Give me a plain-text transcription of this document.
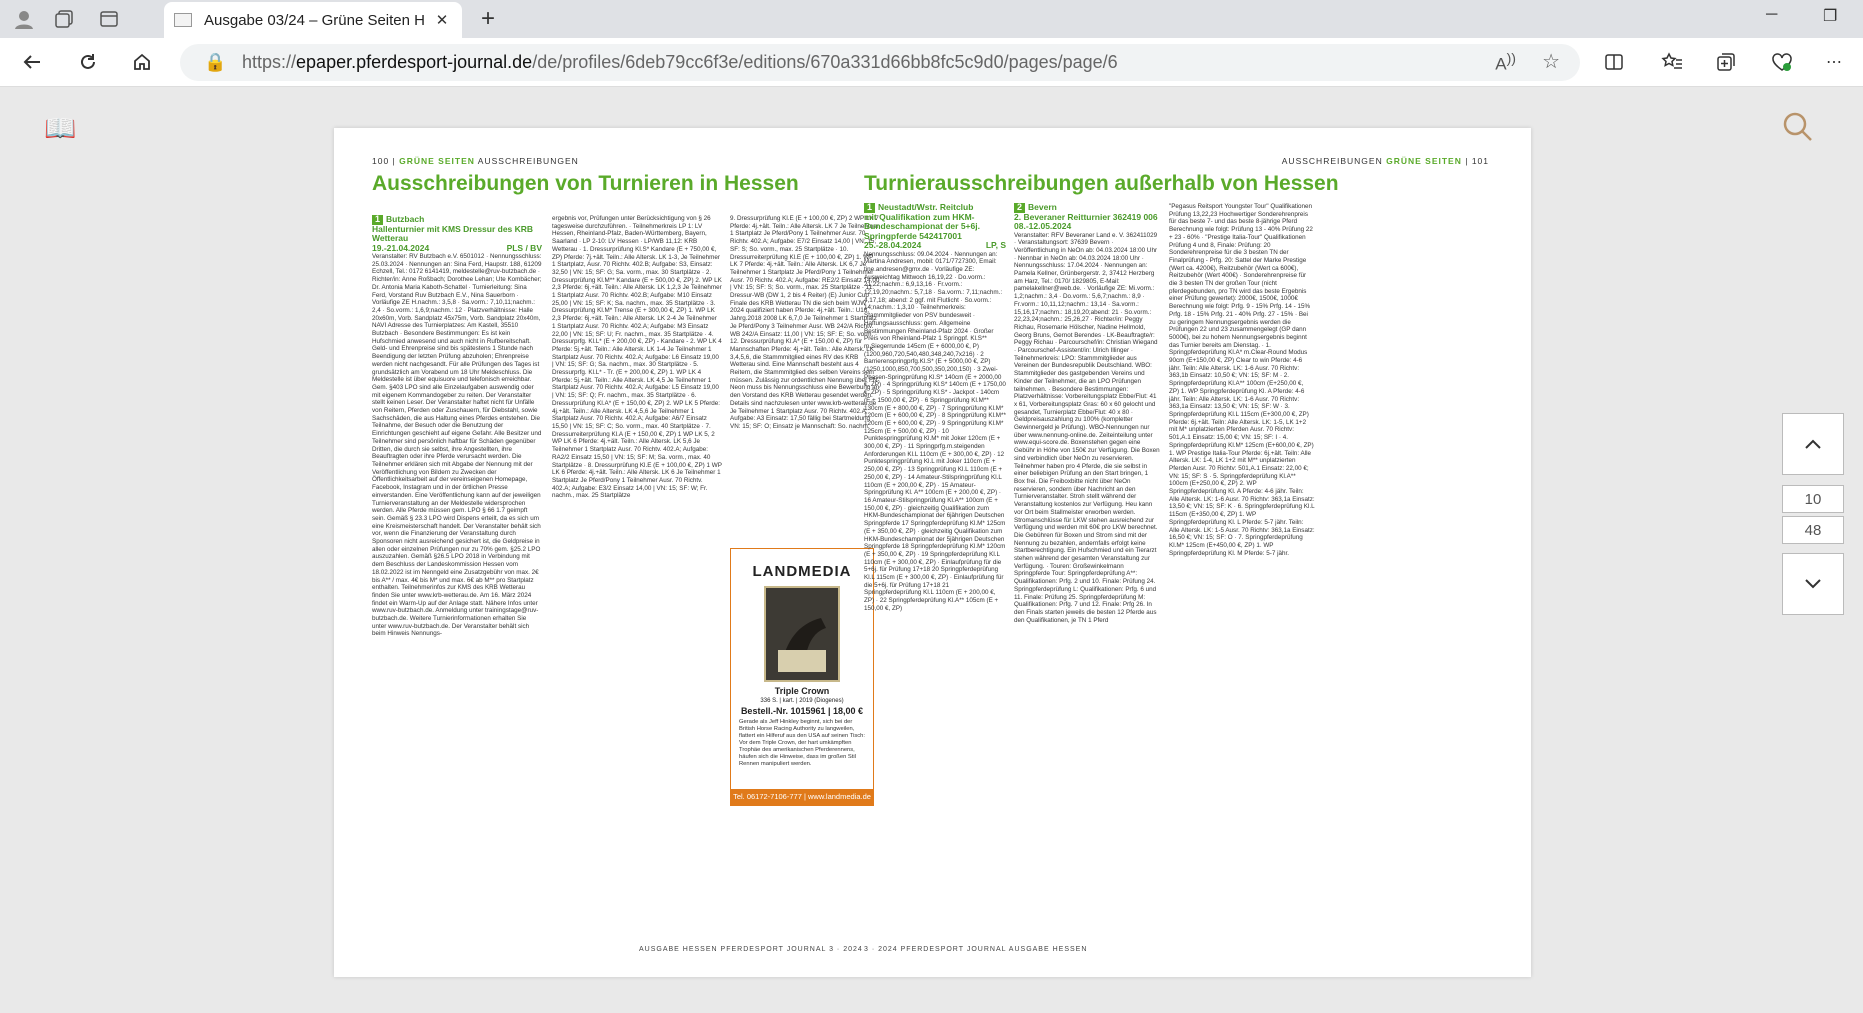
Ausgabe 03/24 – Grüne Seiten H ✕ +	─	❐
🔒 https:// epaper.pferdesport-journal.de /de/profiles/6deb79cc6f3e/editions/670a331d66bb8fc5c9d0/pages/page/6	A)) ☆	⋯
📖
100 | GRÜNE SEITEN AUSSCHREIBUNGEN
Ausschreibungen von Turnieren in Hessen
1 Butzbach
Hallenturnier mit KMS Dressur des KRB Wetterau
19.-21.04.2024	PLS / BV

Veranstalter: RV Butzbach e.V. 6501012 · Nennungsschluss: 25.03.2024 · Nennungen an: Sina Ferd, Haupstr. 188, 61209 Echzell, Tel.: 0172 6141419, meldestelle@ruv-butzbach.de · Richter/in: Anne Roßbach; Dorothee Lehan; Ute Kombächer; Dr. Antonia Maria Kaboth-Schattel · Turnierleitung: Sina Ferd, Vorstand Ruv Butzbach E.V., Nina Sauerborn · Vorläufige ZE H.nachm.: 3,5,8 · Sa.vorm.: 7,10,11;nachm.: 2,4 · So.vorm.: 1,6,9;nachm.: 12 · Platzverhältnisse: Halle 20x60m, Vorb. Sandplatz 45x75m, Vorb. Sandplatz 20x40m, NAVI Adresse des Turnierplatzes: Am Kastell, 35510 Butzbach · Besondere Bestimmungen: Es ist kein Hufschmied anwesend und auch nicht in Rufbereitschaft. Geld- und Ehrenpreise sind bis spätestens 1 Stunde nach Beendigung der letzten Prüfung abzuholen; Ehrenpreise werden nicht nachgesandt. Für alle Prüfungen des Tages ist grundsätzlich am Vorabend um 18 Uhr Meldeschluss. Die Meldestelle ist über equisuore und telefonisch erreichbar. Gem. §403 LPO sind alle Einzelaufgaben auswendig oder mit eigenem Kommandogeber zu reiten. Der Veranstalter stellt keinen Leser. Der Veranstalter haftet nicht für Unfälle von Reitern, Pferden oder Zuschauern, für Diebstahl, sowie Sachschäden, die aus Haltung eines Pferdes entstehen. Die Teilnahme, der Besuch oder die Benutzung der Einrichtungen geschieht auf eigene Gefahr. Alle Besitzer und Teilnehmer sind persönlich haftbar für Schäden gegenüber Dritten, die durch sie selbst, ihre Angestellten, ihre Beauftragten oder ihre Pferde verursacht werden. Die Teilnehmer erklären sich mit Abgabe der Nennung mit der Veröffentlichung von Bildern zu Zwecken der Öffentlichkeitsarbeit auf der vereinseigenen Homepage, Facebook, Instagram und in der örtlichen Presse einverstanden. Eine Veröffentlichung kann auf der jeweiligen Turnierveranstaltung an der Meldestelle widersprochen werden. Alle Pferde müssen gem. LPO § 66 1.7 geimpft sein. Gemäß § 23.3 LPO wird Dispens erteilt, da es sich um eine Kreismeisterschaft handelt. Der Veranstalter behält sich vor, wenn die Finanzierung der Veranstaltung durch Sponsoren nicht ausreichend gesichert ist, die Geldpreise in allen oder einzelnen Prüfungen nur zu 70% gem. §25.2 LPO auszuzahlen. Gemäß §26.5 LPO 2018 in Verbindung mit dem Beschluss der Landeskommission Hessen vom 18.02.2022 ist im Nenngeld eine Zusatzgebühr von max. 2€ bis A** / max. 4€ bis M* und max. 6€ ab M** pro Startplatz enthalten. Teilnehmerinfos zur KMS des KRB Wetterau finden Sie unter www.krb-wetterau.de. Am 16. März 2024 findet ein Warm-Up auf der Anlage statt. Nähere Infos unter www.ruv-butzbach.de. Anmeldung unter trainingstage@ruv-butzbach.de. Weitere Turnierinformationen erhalten Sie unter www.ruv-butzbach.de. Der Veranstalter behält sich beim Hinweis Nennungs-

ergebnis vor, Prüfungen unter Berücksichtigung von § 26 tagesweise durchzuführen. · Teilnehmerkreis LP 1: LV Hessen, Rheinland-Pfalz, Baden-Württemberg, Bayern, Saarland · LP 2-10: LV Hessen · LP/WB 11,12: KRB Wetterau · 1. Dressurprüfung Kl.S* Kandare (E + 750,00 €, ZP) Pferde: 7j.+ält. Teiln.: Alle Altersk. LK 1-3, Je Teilnehmer 1 Startplatz, Ausr. 70 Richtv. 402.B; Aufgabe: S3, Einsatz: 32,50 | VN: 15; SF: G; Sa. vorm., max. 30 Startplätze · 2. Dressurprüfung Kl.M** Kandare (E + 500,00 €, ZP) 2. WP LK 2,3 Pferde: 6j.+ält. Teiln.: Alle Altersk. LK 1,2,3 Je Teilnehmer 1 Startplatz Ausr. 70 Richtv. 402.B; Aufgabe: M10 Einsatz 25,00 | VN: 15; SF: K; Sa. nachm., max. 35 Startplätze · 3. Dressurprüfung Kl.M* Trense (E + 300,00 €, ZP) 1. WP LK 2,3 Pferde: 6j.+ält. Teiln.: Alle Altersk. LK 2-4 Je Teilnehmer 1 Startplatz Ausr. 70 Richtv. 402.A; Aufgabe: M3 Einsatz 22,00 | VN: 15; SF: U; Fr. nachm., max. 35 Startplätze · 4. Dressurprfg. Kl.L* (E + 200,00 €, ZP) - Kandare - 2. WP LK 4 Pferde: 5j.+ält. Teiln.: Alle Altersk. LK 1-4 Je Teilnehmer 1 Startplatz Ausr. 70 Richtv. 402.A; Aufgabe: L6 Einsatz 19,00 | VN: 15; SF: G; Sa. nachm., max. 30 Startplätze · 5. Dressurprfg. Kl.L* - Tr. (E + 200,00 €, ZP) 1. WP LK 4 Pferde: 5j.+ält. Teiln.: Alle Altersk. LK 4,5 Je Teilnehmer 1 Startplatz Ausr. 70 Richtv. 402.A; Aufgabe: L5 Einsatz 19,00 | VN: 15; SF: Q; Fr. nachm., max. 35 Startplätze · 6. Dressurprüfung Kl.A* (E + 150,00 €, ZP) 2. WP LK 5 Pferde: 4j.+ält. Teiln.: Alle Altersk. LK 4,5,6 Je Teilnehmer 1 Startplatz Ausr. 70 Richtv. 402.A; Aufgabe: A6/7 Einsatz 15,50 | VN: 15; SF: C; So. vorm., max. 40 Startplätze · 7. Dressurreiterprüfung Kl.A (E + 150,00 €, ZP) 1 WP LK 5, 2 WP LK 6 Pferde: 4j.+ält. Teiln.: Alle Altersk. LK 5,6 Je Teilnehmer 1 Startplatz Ausr. 70 Richtv. 402.A; Aufgabe: RA2/2 Einsatz 15,50 | VN: 15; SF: M; Sa. vorm., max. 40 Startplätze · 8. Dressurprüfung Kl.E (E + 100,00 €, ZP) 1 WP LK 6 Pferde: 4j.+ält. Teiln.: Alle Altersk. LK 6 Je Teilnehmer 1 Startplatz Je Pferd/Pony 1 Teilnehmer Ausr. 70 Richtv. 402.A; Aufgabe: E3/2 Einsatz 14,00 | VN: 15; SF: W; Fr. nachm., max. 25 Startplätze
9. Dressurprüfung Kl.E (E + 100,00 €, ZP) 2 WP LK 7 Pferde: 4j.+ält. Teiln.: Alle Altersk. LK 7 Je Teilnehmer 1 Startplatz Je Pferd/Pony 1 Teilnehmer Ausr. 70 Richtv. 402.A; Aufgabe: E7/2 Einsatz 14,00 | VN: 15; SF: S; So. vorm., max. 25 Startplätze · 10. Dressurreiterprüfung Kl.E (E + 100,00 €, ZP) 1. WP LK 7 Pferde: 4j.+ält. Teiln.: Alle Altersk. LK 6,7 Je Teilnehmer 1 Startplatz Je Pferd/Pony 1 Teilnehmer Ausr. 70 Richtv. 402.A; Aufgabe: RE2/2 Einsatz 14,00 | VN: 15; SF: S; So. vorm., max. 25 Startplätze · 11. Dressur-WB (DW 1, 2 bis 4 Reiter) (E) Junior Cup Finale des KRB Wetterau TN die sich beim WJW 2024 qualifiziert haben Pferde: 4j.+ält. Teiln.: U16, Jahrg.2018 2008 LK 6,7,0 Je Teilnehmer 1 Startplatz Je Pferd/Pony 3 Teilnehmer Ausr. WB 242/A Richtv. WB 242/A Einsatz: 11,00 | VN: 15; SF: E; So. vorm. · 12. Dressurprüfung Kl.A* (E + 150,00 €, ZP) für Mannschaften Pferde: 4j.+ält. Teiln.: Alle Altersk. LK 3,4,5,6, die Stammmitglied eines RV des KRB Wetterau sind. Eine Mannschaft besteht aus 4 Reitern, die Stammmitglied des selben Vereins sein müssen. Zulässig zur ordentlichen Nennung über FN-Neon muss bis Nennungsschluss eine Bewerbung an den Vorstand des KRB Wetterau gesendet werden. Details sind nachzulesen unter www.krb-wetterau.de Je Teilnehmer 1 Startplatz Ausr. 70 Richtv. 402.A; Aufgabe: A3 Einsatz: 17,50 fällig bei Startmeldung VN: 15; SF: O; Einsatz je Mannschaft: So. nachm.
LANDMEDIA
Triple Crown
336 S. | kart. | 2019 (Diogenes)
Bestell.-Nr. 1015961 | 18,00 €
Gerade als Jeff Hinkley beginnt, sich bei der British Horse Racing Authority zu langweilen, flattert ein Hilferuf aus den USA auf seinen Tisch: Vor dem Triple Crown, der hart umkämpften Trophäe des amerikanischen Pferderennens, häufen sich die Hinweise, dass im großen Stil Rennen manipuliert werden.
Tel. 06172-7106-777 | www.landmedia.de
AUSGABE HESSEN PFERDESPORT JOURNAL 3 · 2024
AUSSCHREIBUNGEN GRÜNE SEITEN | 101
Turnierausschreibungen außerhalb von Hessen
1 Neustadt/Wstr. Reitclub
mit Qualifikation zum HKM-Bundeschampionat der 5+6j. Springpferde 542417001
25.-28.04.2024	LP, S

Nennungsschluss: 09.04.2024 · Nennungen an: Martina Andresen, mobil: 0171/7727300, Email: tine.andresen@gmx.de · Vorläufige ZE: Ausweichtag Mittwoch 16,19,22 · Do.vorm.: 21,22;nachm.: 6,9,13,16 · Fr.vorm.: 12,19,20;nachm.: 5,7,18 · Sa.vorm.: 7,11;nachm.: 4,17,18; abend: 2 ggf. mit Flutlicht · So.vorm.: 14;nachm.: 1,3,10 · Teilnehmerkreis: Stammmitglieder von PSV bundesweit · Haftungsausschluss: gem. Allgemeine Bestimmungen Rheinland-Pfalz 2024 · Großer Preis von Rheinland-Pfalz 1 Springpf. Kl.S** m.Siegerrunde 145cm (E + 6000,00 €, P) (1200,960,720,540,480,348,240,7x216) · 2 Barrierenspringprfg.Kl.S* (E + 5000,00 €, ZP) (1250,1000,850,700,500,350,200,150) · 3 Zwei-Phasen-Springprüfung Kl.S* 140cm (E + 2000,00 €, ZP) · 4 Springprüfung Kl.S* 140cm (E + 1750,00 €, ZP) · 5 Springprüfung Kl.S* - Jackpot - 140cm (E + 1500,00 €, ZP) · 6 Springprüfung Kl.M** 130cm (E + 800,00 €, ZP) · 7 Springprüfung Kl.M* 120cm (E + 600,00 €, ZP) · 8 Springprüfung Kl.M** 120cm (E + 600,00 €, ZP) · 9 Springprüfung Kl.M* 125cm (E + 500,00 €, ZP) · 10 Punktespringprüfung Kl.M* mit Joker 120cm (E + 300,00 €, ZP) · 11 Springprfg.m.steigenden Anforderungen Kl.L 110cm (E + 300,00 €, ZP) · 12 Punktespringprüfung Kl.L mit Joker 110cm (E + 250,00 €, ZP) · 13 Springprüfung Kl.L 110cm (E + 250,00 €, ZP) · 14 Amateur-Stilspringprüfung Kl.L 110cm (E + 200,00 €, ZP) · 15 Amateur-Springprüfung Kl. A** 100cm (E + 200,00 €, ZP) · 16 Amateur-Stilspringprüfung Kl.A** 100cm (E + 150,00 €, ZP) · gleichzeitig Qualifikation zum HKM-Bundeschampionat der 6jährigen Deutschen Springpferde 17 Springpferdeprüfung Kl.M* 125cm (E + 350,00 €, ZP) · gleichzeitig Qualifikation zum HKM-Bundeschampionat der 5jährigen Deutschen Springpferde 18 Springpferdeprüfung Kl.M* 120cm (E + 350,00 €, ZP) · 19 Springpferdeprüfung Kl.L 110cm (E + 300,00 €, ZP) · Einlaufprüfung für die 5+6j. für Prüfung 17+18 20 Springpferdeprüfung Kl.L 115cm (E + 300,00 €, ZP) · Einlaufprüfung für die 5+6j. für Prüfung 17+18 21 Springpferdeprüfung Kl.L 110cm (E + 200,00 €, ZP) · 22 Springpferdeprüfung Kl.A** 105cm (E + 150,00 €, ZP)

2 Bevern
2. Beveraner Reitturnier 362419 006
08.-12.05.2024

Veranstalter: RFV Beveraner Land e. V. 362411029 · Veranstaltungsort: 37639 Bevern · Veröffentlichung in NeOn ab: 04.03.2024 18:00 Uhr · Nennbar in NeOn ab: 04.03.2024 18:00 Uhr · Nennungsschluss: 17.04.2024 · Nennungen an: Pamela Kellner, Grünbergerstr. 2, 37412 Herzberg am Harz, Tel.: 0170/ 1829805, E-Mail: pamelakellner@web.de. · Vorläufige ZE: Mi.vorm.: 1,2;nachm.: 3,4 · Do.vorm.: 5,6,7;nachm.: 8,9 · Fr.vorm.: 10,11,12;nachm.: 13,14 · Sa.vorm.: 15,16,17;nachm.: 18,19,20;abend: 21 · So.vorm.: 22,23,24;nachm.: 25,26,27 · Richter/in: Peggy Richau, Rosemarie Hölscher, Nadine Hellmold, Georg Bruns, Gernot Berendes · LK-Beauftragte/r: Peggy Richau · Parcourschef/in: Christian Wiegand · Parcourschef-Assistent/in: Ulrich Illinger · Teilnehmerkreis: LPO: Stammmitglieder aus Vereinen der Bundesrepublik Deutschland. WBO: Stammitglieder des gastgebenden Vereins und Kinder der Teilnehmer, die an LPO Prüfungen teilnehmen. · Besondere Bestimmungen: Platzverhältnisse: Vorbereitungsplatz Ebbe/Flut: 41 x 61, Vorbereitungsplatz Gras: 60 x 60 gelocht und gesandet, Turnierplatz Ebbe/Flut: 40 x 80 · Geldpreisauszahlung zu 100% (kompletter Gewinnergeld je Prüfung). WBO-Nennungen nur über www.nennung-online.de. Zeiteinteilung unter www.equi-score.de. Boxenstehen gegen eine Gebühr in Höhe von 150€ zur Verfügung. Die Boxen sind verbindlich über NeOn zu reservieren. Teilnehmer haben pro 4 Pferde, die sie selbst in einer beliebigen Prüfung an den Start bringen, 1 Box frei. Die Freiboxbitte nicht über NeOn reservieren, sondern über Nachricht an den Turnierveranstalter. Stroh stellt während der Veranstaltung kostenlos zur Verfügung. Heu kann vor Ort beim Stallmeister erworben werden. Stromanschlüsse für LKW stehen ausreichend zur Verfügung und werden mit 60€ pro LKW berechnet. Die Gebühren für Boxen und Strom sind mit der Nennung zu bezahlen, andernfalls erfolgt keine Startberechtigung. Ein Hufschmied und ein Tierarzt stehen während der gesamten Veranstaltung zur Verfügung. · Touren: Großewinkelmann Springpferde Tour: Springpferdeprüfung A**: Qualifikationen: Prfg. 2 und 10. Finale: Prüfung 24. Springpferdeprüfung L: Qualifikationen: Prfg. 6 und 11. Finale: Prüfung 25. Springpferdeprüfung M: Qualifikationen: Prfg. 7 und 12. Finale: Prfg 26. In den Finals starten jeweils die besten 12 Pferde aus den Qualifikationen, je TN 1 Pferd

"Pegasus Reitsport Youngster Tour" Qualifikationen Prüfung 13,22,23 Hochwertiger Sonderehrenpreis für das beste 7- und das beste 8-jährige Pferd Berechnung wie folgt: Prüfung 13 - 40% Prüfung 22 + 23 - 60% · "Prestige Italia-Tour" Qualifikationen Prüfung 4 und 8, Finale: Prüfung: 20 Sonderehrenpreise für die 3 besten TN der Finalprüfung - Prfg. 20: Sattel der Marke Prestige (Wert ca. 4200€), Reitzubehör (Wert ca 600€), Reitzubehör (Wert 400€) · Sonderehrenpreise für die 3 besten TN der großen Tour (nicht pferdegebunden, pro TN wird das beste Ergebnis einer Prüfung gewertet): 2000€, 1500€, 1000€ Berechnung wie folgt: Prfg. 9 - 15% Prfg. 14 - 15% Prfg. 18 - 15% Prfg. 21 - 40% Prfg. 27 - 15% · Bei zu geringem Nennungsergebnis werden die Prüfungen 22 und 23 zusammengelegt (GP dann 5000€), bei zu hohem Nennungsergebnis beginnt das Turnier bereits am Dienstag. · 1. Springpferdeprüfung Kl.A* m.Clear-Round Modus 90cm (E+150,00 €, ZP) Clear to win Pferde: 4-6 jähr. Teiln: Alle Altersk. LK: 1-6 Ausr. 70 Richtv: 363,1b Einsatz: 10,50 €; VN: 15; SF: M · 2. Springpferdeprüfung Kl.A** 100cm (E+250,00 €, ZP) 1. WP Springpferdeprüfung Kl. A Pferde: 4-6 jähr. Teiln: Alle Altersk. LK: 1-6 Ausr. 70 Richtv: 363,1a Einsatz: 13,50 €; VN: 15; SF: W · 3. Springpferdeprüfung Kl.L 115cm (E+300,00 €, ZP) Pferde: 6j.+ält. Teiln: Alle Altersk. LK: 1-5, LK 1+2 mit M* unplatzierten Pferden Ausr. 70 Richtv: 501,A.1 Einsatz: 15,00 €; VN: 15; SF: I · 4. Springpferdeprüfung Kl.M* 125cm (E+600,00 €, ZP) 1. WP Prestige Italia-Tour Pferde: 6j.+ält. Teiln: Alle Altersk. LK: 1-4, LK 1+2 mit M** unplatzierten Pferden Ausr. 70 Richtv: 501,A.1 Einsatz: 22,00 €; VN: 15; SF: S · 5. Springpferdeprüfung Kl.A** 100cm (E+250,00 €, ZP) 2. WP Springpferdeprüfung Kl. A Pferde: 4-6 jähr. Teiln: Alle Altersk. LK: 1-6 Ausr. 70 Richtv: 363,1a Einsatz: 13,50 €; VN: 15; SF: K · 6. Springpferdeprüfung Kl.L 115cm (E+350,00 €, ZP) 1. WP Springpferdeprüfung Kl. L Pferde: 5-7 jähr. Teiln: Alle Altersk. LK: 1-5 Ausr. 70 Richtv: 363,1a Einsatz: 16,50 €; VN: 15; SF: O · 7. Springpferdeprüfung Kl.M* 125cm (E+450,00 €, ZP) 1. WP Springpferdeprüfung Kl. M Pferde: 5-7 jähr.
3 · 2024 PFERDESPORT JOURNAL AUSGABE HESSEN
10
48
